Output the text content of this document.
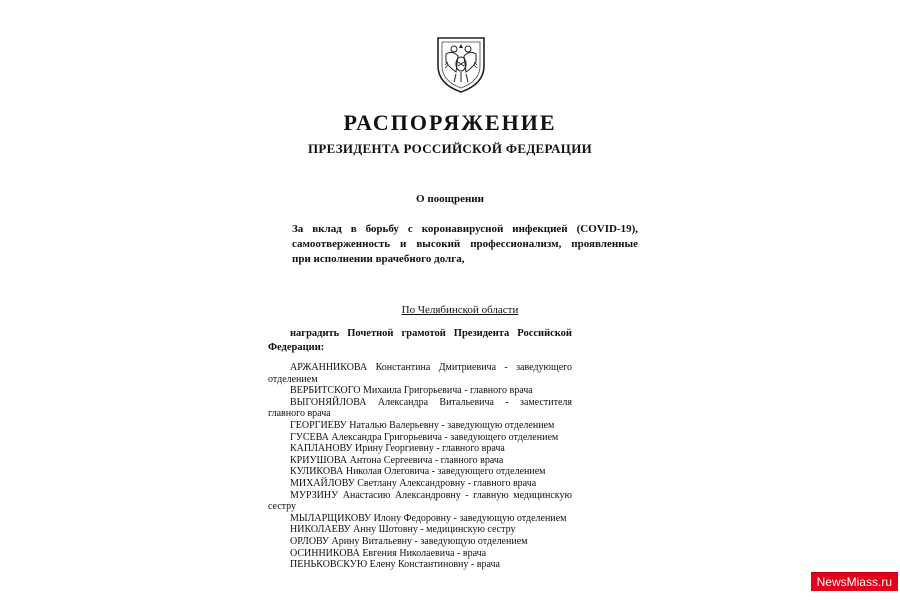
РАСПОРЯЖЕНИЕ
ПРЕЗИДЕНТА РОССИЙСКОЙ ФЕДЕРАЦИИ
О поощрении
За вклад в борьбу с коронавирусной инфекцией (COVID-19),
самоотверженность и высокий профессионализм, проявленные
при исполнении врачебного долга,
По Челябинской области
наградить Почетной грамотой Президента Российской
Федерации:
АРЖАННИКОВА Константина Дмитриевича - заведующего
отделением
ВЕРБИТСКОГО Михаила Григорьевича - главного врача
ВЫГОНЯЙЛОВА Александра Витальевича - заместителя
главного врача
ГЕОРГИЕВУ Наталью Валерьевну - заведующую отделением
ГУСЕВА Александра Григорьевича - заведующего отделением
КАПЛАНОВУ Ирину Георгиевну - главного врача
КРИУШОВА Антона Сергеевича - главного врача
КУЛИКОВА Николая Олеговича - заведующего отделением
МИХАЙЛОВУ Светлану Александровну - главного врача
МУРЗИНУ Анастасию Александровну - главную медицинскую
сестру
МЫЛАРЩИКОВУ Илону Федоровну - заведующую отделением
НИКОЛАЕВУ Анну Шотовну - медицинскую сестру
ОРЛОВУ Арину Витальевну - заведующую отделением
ОСИННИКОВА Евгения Николаевича - врача
ПЕНЬКОВСКУЮ Елену Константиновну - врача
NewsMiass.ru
